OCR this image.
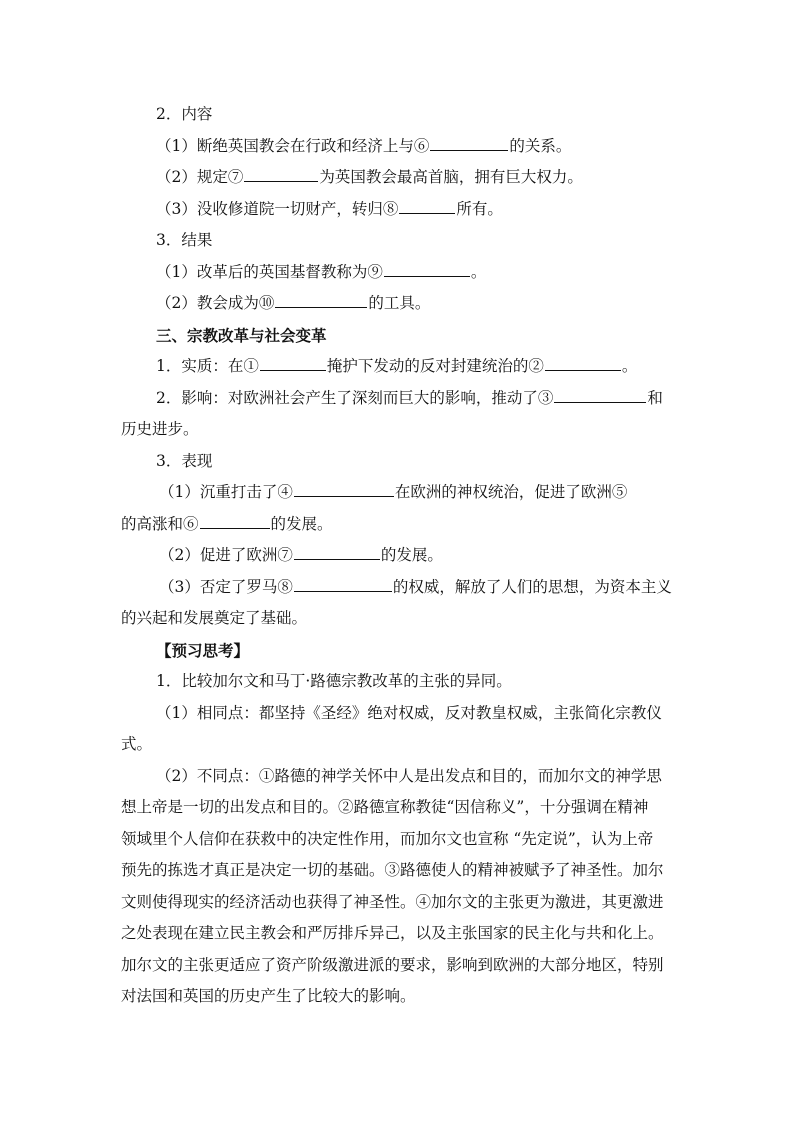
2．内容
（1）断绝英国教会在行政和经济上与⑥	的关系。
（2）规定⑦	为英国教会最高首脑，拥有巨大权力。
（3）没收修道院一切财产，转归⑧	所有。
3．结果
（1）改革后的英国基督教称为⑨	。
（2）教会成为⑩	的工具。
三、宗教改革与社会变革
1．实质：在①	掩护下发动的反对封建统治的②	。
2．影响：对欧洲社会产生了深刻而巨大的影响，推动了③	和
历史进步。
3．表现
（1）沉重打击了④	在欧洲的神权统治，促进了欧洲⑤
的高涨和⑥	的发展。
（2）促进了欧洲⑦	的发展。
（3）否定了罗马⑧	的权威，解放了人们的思想，为资本主义
的兴起和发展奠定了基础。
【预习思考】
1．比较加尔文和马丁·路德宗教改革的主张的异同。
（1）相同点：都坚持《圣经》绝对权威，反对教皇权威，主张简化宗教仪
式。
（2）不同点：①路德的神学关怀中人是出发点和目的，而加尔文的神学思
想上帝是一切的出发点和目的。②路德宣称教徒“因信称义”，十分强调在精神
领域里个人信仰在获救中的决定性作用，而加尔文也宣称 “先定说”，认为上帝
预先的拣选才真正是决定一切的基础。③路德使人的精神被赋予了神圣性。加尔
文则使得现实的经济活动也获得了神圣性。④加尔文的主张更为激进，其更激进
之处表现在建立民主教会和严厉排斥异己，以及主张国家的民主化与共和化上。
加尔文的主张更适应了资产阶级激进派的要求，影响到欧洲的大部分地区，特别
对法国和英国的历史产生了比较大的影响。
